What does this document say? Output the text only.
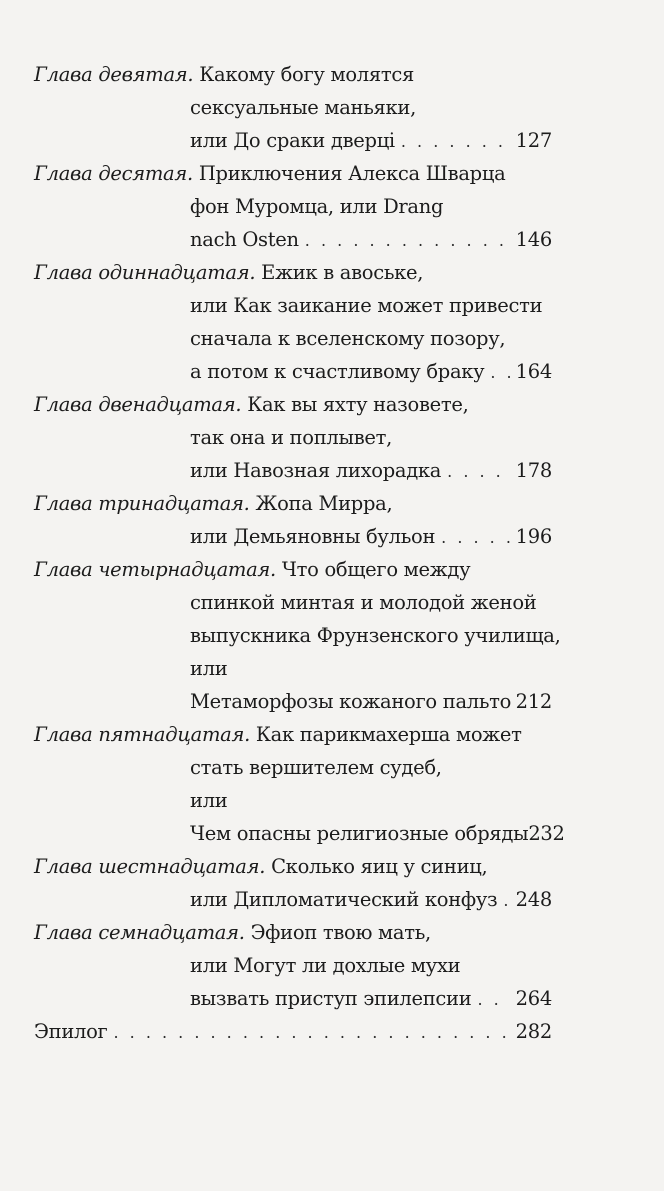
Глава девятая . Какому богу молятся
сексуальные маньяки,
или До сраки дверці . . .	127
Глава десятая . Приключения Алекса Шварца
фон Муромца, или Drang
nach Osten . . .	146
Глава одиннадцатая . Ежик в авоське,
или Как заикание может привести
сначала к вселенскому позору,
а потом к счастливому браку . . . 164
Глава двенадцатая . Как вы яхту назовете,
так она и поплывет,
или Навозная лихорадка . . .	178
Глава тринадцатая . Жопа Мирра,
или Демьяновны бульон . . .	196
Глава четырнадцатая . Что общего между
спинкой минтая и молодой женой
выпускника Фрунзенского училища,
или
Метаморфозы кожаного пальто 212
Глава пятнадцатая . Как парикмахерша может
стать вершителем судеб,
или
Чем опасны религиозные обряды 232
Глава шестнадцатая . Сколько яиц у синиц,
или Дипломатический конфуз . . . 248
Глава семнадцатая . Эфиоп твою мать,
или Могут ли дохлые мухи
вызвать приступ эпилепсии . . . 264
Эпилог . . .	282
